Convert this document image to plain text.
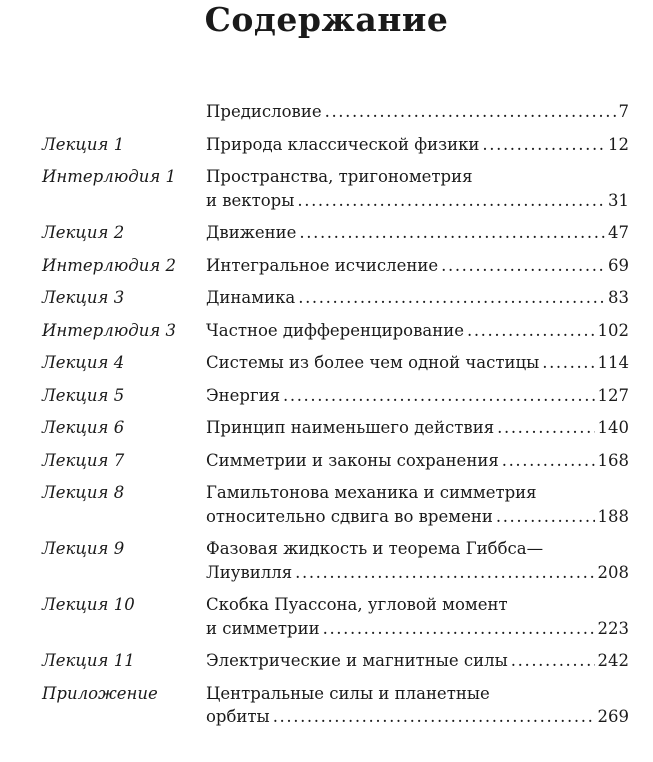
Содержание
Предисловие .....	7
Лекция 1	Природа классической физики .....	12
Интерлюдия 1	Пространства, тригонометрия
и векторы .....	31
Лекция 2	Движение .....	47
Интерлюдия 2	Интегральное исчисление .....	69
Лекция 3	Динамика .....	83
Интерлюдия 3	Частное дифференцирование .....	102
Лекция 4	Системы из более чем одной частицы .....	114
Лекция 5	Энергия .....	127
Лекция 6	Принцип наименьшего действия .....	140
Лекция 7	Симметрии и законы сохранения .....	168
Лекция 8	Гамильтонова механика и симметрия
относительно сдвига во времени .....	188
Лекция 9	Фазовая жидкость и теорема Гиббса—
Лиувилля .....	208
Лекция 10	Скобка Пуассона, угловой момент
и симметрии .....	223
Лекция 11	Электрические и магнитные силы .....	242
Приложение	Центральные силы и планетные
орбиты .....	269
